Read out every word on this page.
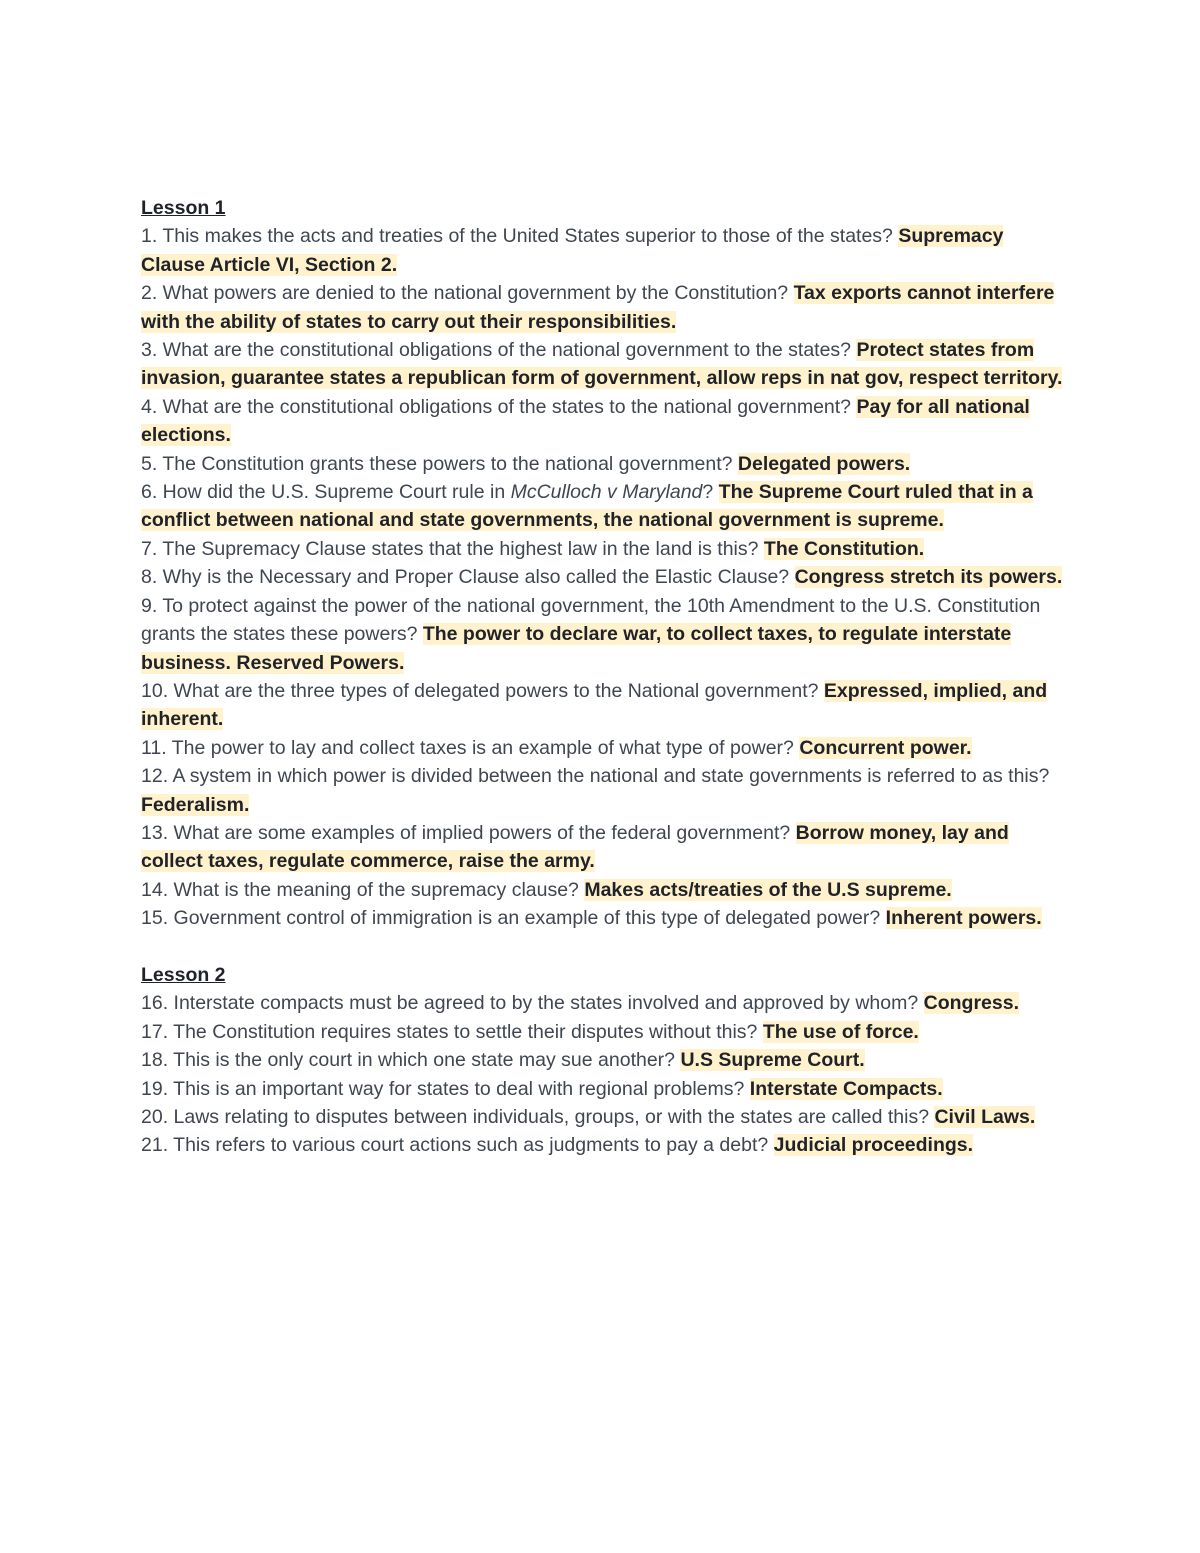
Lesson 1

1. This makes the acts and treaties of the United States superior to those of the states? Supremacy Clause Article VI, Section 2.

2. What powers are denied to the national government by the Constitution? Tax exports cannot interfere with the ability of states to carry out their responsibilities.

3. What are the constitutional obligations of the national government to the states? Protect states from invasion, guarantee states a republican form of government, allow reps in nat gov, respect territory.

4. What are the constitutional obligations of the states to the national government? Pay for all national elections.

5. The Constitution grants these powers to the national government? Delegated powers.

6. How did the U.S. Supreme Court rule in McCulloch v Maryland? The Supreme Court ruled that in a conflict between national and state governments, the national government is supreme.

7. The Supremacy Clause states that the highest law in the land is this? The Constitution.

8. Why is the Necessary and Proper Clause also called the Elastic Clause? Congress stretch its powers.

9. To protect against the power of the national government, the 10th Amendment to the U.S. Constitution grants the states these powers? The power to declare war, to collect taxes, to regulate interstate business. Reserved Powers.

10. What are the three types of delegated powers to the National government? Expressed, implied, and inherent.

11. The power to lay and collect taxes is an example of what type of power? Concurrent power.

12. A system in which power is divided between the national and state governments is referred to as this? Federalism.

13. What are some examples of implied powers of the federal government? Borrow money, lay and collect taxes, regulate commerce, raise the army.

14. What is the meaning of the supremacy clause? Makes acts/treaties of the U.S supreme.

15. Government control of immigration is an example of this type of delegated power? Inherent powers.

Lesson 2

16. Interstate compacts must be agreed to by the states involved and approved by whom? Congress.

17. The Constitution requires states to settle their disputes without this? The use of force.

18. This is the only court in which one state may sue another? U.S Supreme Court.

19. This is an important way for states to deal with regional problems? Interstate Compacts.

20. Laws relating to disputes between individuals, groups, or with the states are called this? Civil Laws.

21. This refers to various court actions such as judgments to pay a debt? Judicial proceedings.
